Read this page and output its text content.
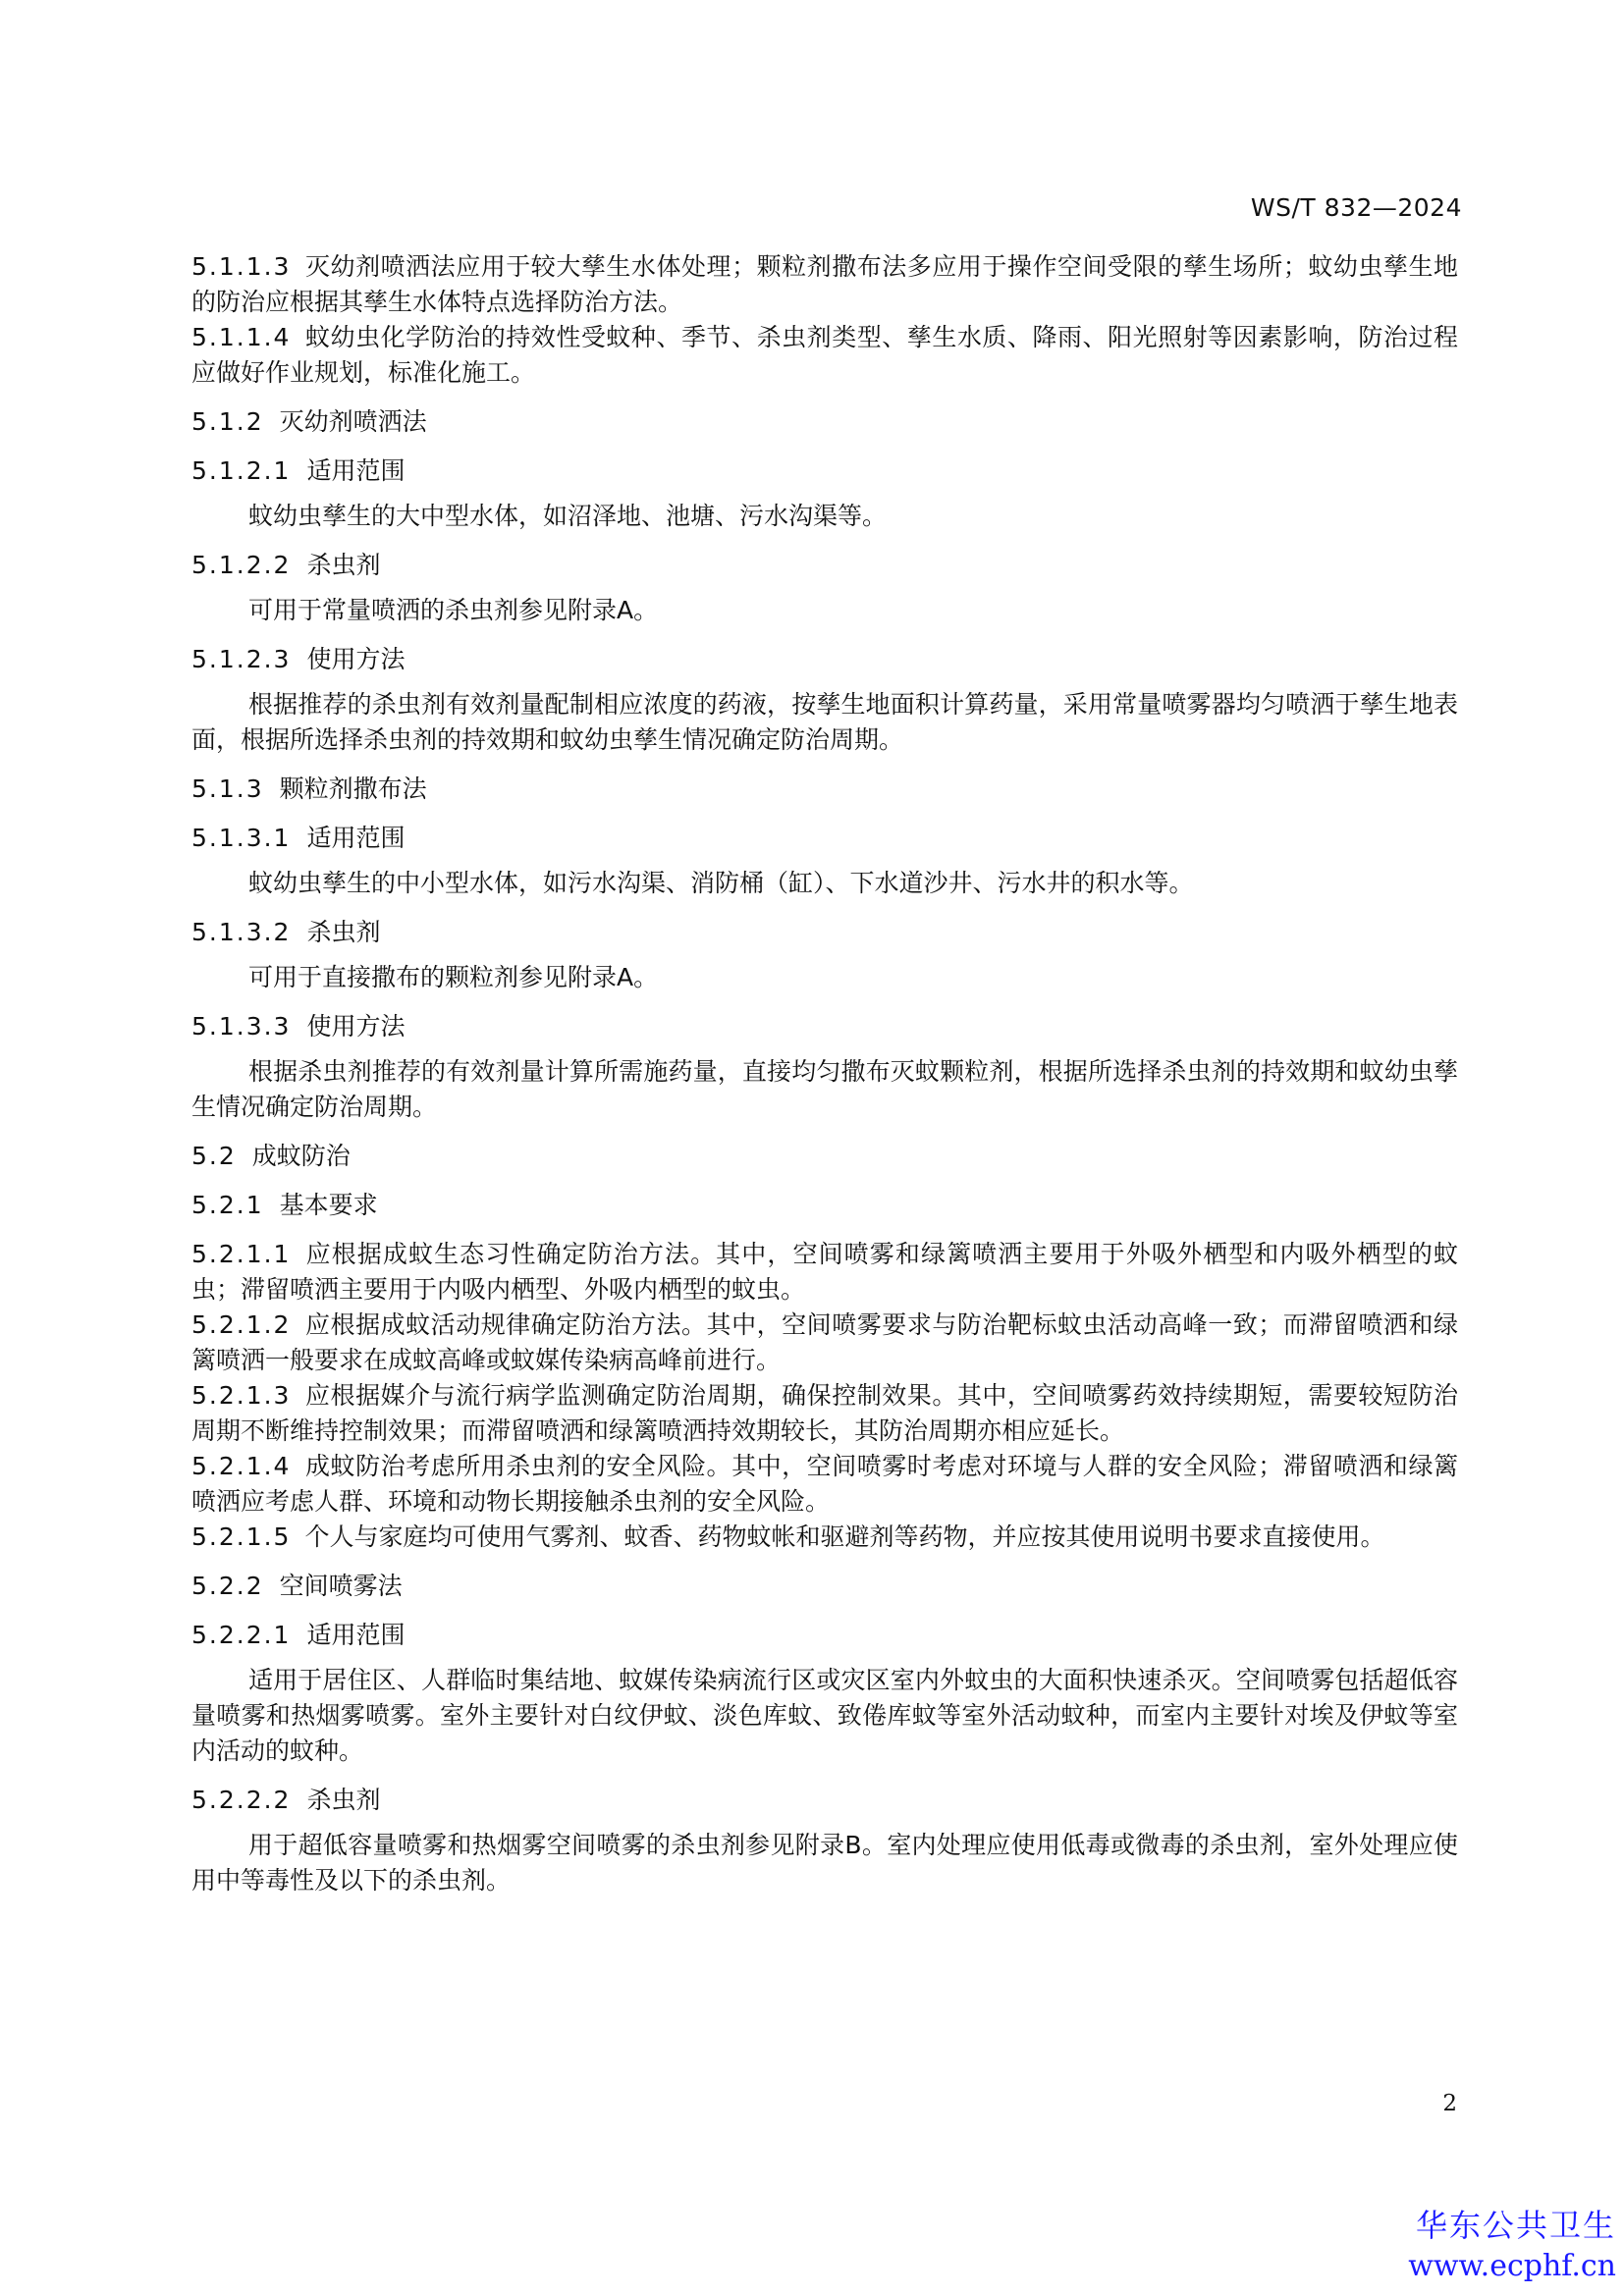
WS/T 832—2024

5.1.1.3 灭幼剂喷洒法应用于较大孳生水体处理；颗粒剂撒布法多应用于操作空间受限的孳生场所；蚊幼虫孳生地的防治应根据其孳生水体特点选择防治方法。

5.1.1.4 蚊幼虫化学防治的持效性受蚊种、季节、杀虫剂类型、孳生水质、降雨、阳光照射等因素影响，防治过程应做好作业规划，标准化施工。

5.1.2 灭幼剂喷洒法
5.1.2.1 适用范围

蚊幼虫孳生的大中型水体，如沼泽地、池塘、污水沟渠等。

5.1.2.2 杀虫剂

可用于常量喷洒的杀虫剂参见附录A。

5.1.2.3 使用方法

根据推荐的杀虫剂有效剂量配制相应浓度的药液，按孳生地面积计算药量，采用常量喷雾器均匀喷洒于孳生地表面，根据所选择杀虫剂的持效期和蚊幼虫孳生情况确定防治周期。

5.1.3 颗粒剂撒布法
5.1.3.1 适用范围

蚊幼虫孳生的中小型水体，如污水沟渠、消防桶（缸）、下水道沙井、污水井的积水等。

5.1.3.2 杀虫剂

可用于直接撒布的颗粒剂参见附录A。

5.1.3.3 使用方法

根据杀虫剂推荐的有效剂量计算所需施药量，直接均匀撒布灭蚊颗粒剂，根据所选择杀虫剂的持效期和蚊幼虫孳生情况确定防治周期。

5.2 成蚊防治
5.2.1 基本要求

5.2.1.1 应根据成蚊生态习性确定防治方法。其中，空间喷雾和绿篱喷洒主要用于外吸外栖型和内吸外栖型的蚊虫；滞留喷洒主要用于内吸内栖型、外吸内栖型的蚊虫。

5.2.1.2 应根据成蚊活动规律确定防治方法。其中，空间喷雾要求与防治靶标蚊虫活动高峰一致；而滞留喷洒和绿篱喷洒一般要求在成蚊高峰或蚊媒传染病高峰前进行。

5.2.1.3 应根据媒介与流行病学监测确定防治周期，确保控制效果。其中，空间喷雾药效持续期短，需要较短防治周期不断维持控制效果；而滞留喷洒和绿篱喷洒持效期较长，其防治周期亦相应延长。

5.2.1.4 成蚊防治考虑所用杀虫剂的安全风险。其中，空间喷雾时考虑对环境与人群的安全风险；滞留喷洒和绿篱喷洒应考虑人群、环境和动物长期接触杀虫剂的安全风险。

5.2.1.5 个人与家庭均可使用气雾剂、蚊香、药物蚊帐和驱避剂等药物，并应按其使用说明书要求直接使用。

5.2.2 空间喷雾法
5.2.2.1 适用范围

适用于居住区、人群临时集结地、蚊媒传染病流行区或灾区室内外蚊虫的大面积快速杀灭。空间喷雾包括超低容量喷雾和热烟雾喷雾。室外主要针对白纹伊蚊、淡色库蚊、致倦库蚊等室外活动蚊种，而室内主要针对埃及伊蚊等室内活动的蚊种。

5.2.2.2 杀虫剂

用于超低容量喷雾和热烟雾空间喷雾的杀虫剂参见附录B。室内处理应使用低毒或微毒的杀虫剂，室外处理应使用中等毒性及以下的杀虫剂。

2
华东公共卫生
www.ecphf.cn
